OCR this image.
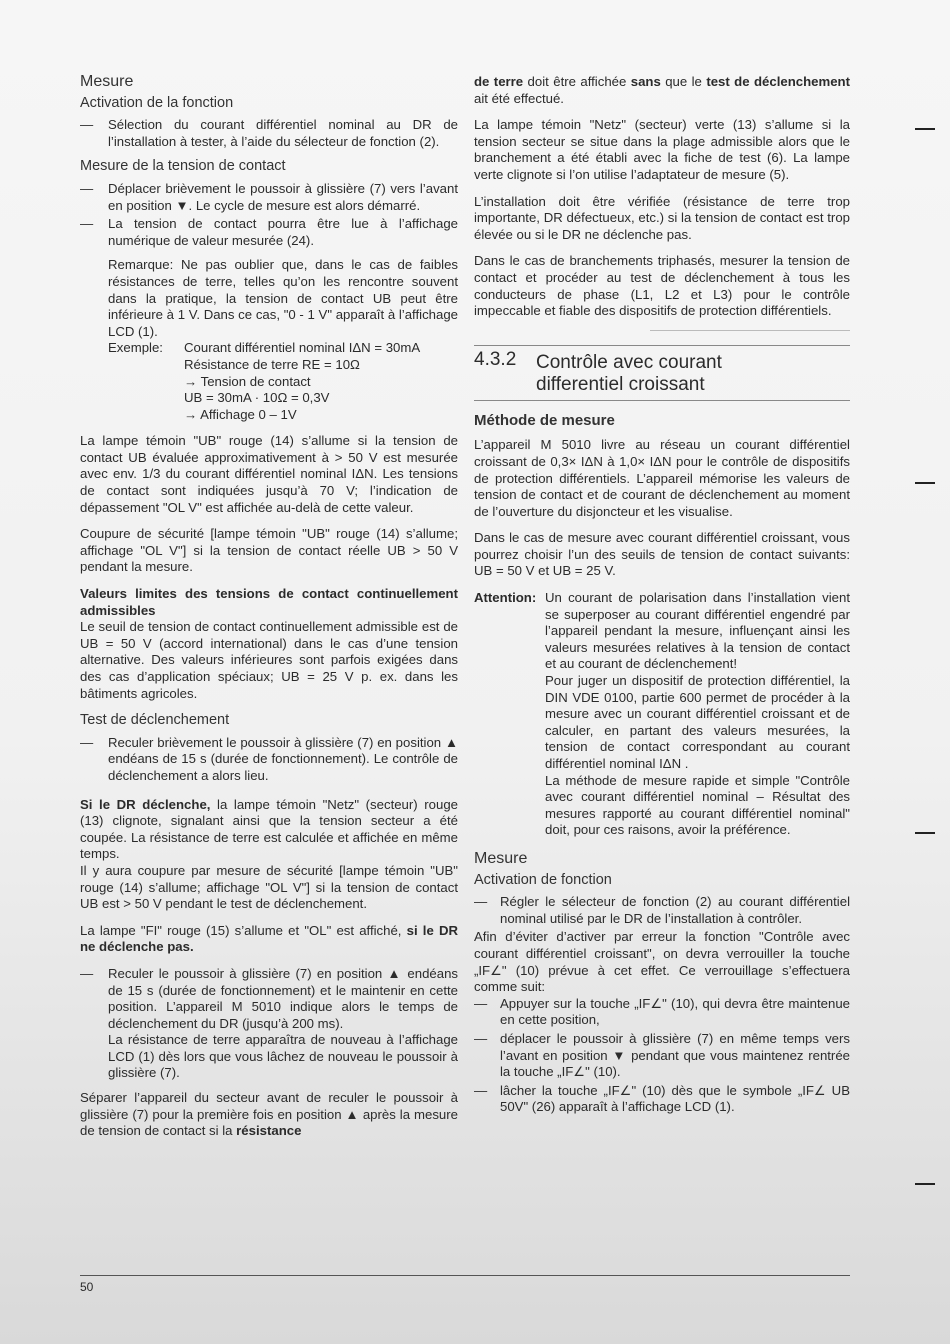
Mesure
Activation de la fonction
— Sélection du courant différentiel nominal au DR de l’installation à tester, à l’aide du sélecteur de fonction (2).
Mesure de la tension de contact
— Déplacer brièvement le poussoir à glissière (7) vers l’avant en position ▼. Le cycle de mesure est alors démarré.
— La tension de contact pourra être lue à l’affichage numérique de valeur mesurée (24).

Remarque: Ne pas oublier que, dans le cas de faibles résistances de terre, telles qu’on les rencontre souvent dans la pratique, la tension de contact UB peut être inférieure à 1 V. Dans ce cas, "0 - 1 V" apparaît à l’affichage LCD (1).

Exemple:	Courant différentiel nominal IΔN = 30mA
Résistance de terre RE = 10Ω
→ Tension de contact
UB = 30mA · 10Ω = 0,3V
→ Affichage 0 – 1V

La lampe témoin "UB" rouge (14) s’allume si la tension de contact UB évaluée approximativement à > 50 V est mesurée avec env. 1/3 du courant différentiel nominal IΔN. Les tensions de contact sont indiquées jusqu’à 70 V; l’indication de dépassement "OL V" est affichée au-delà de cette valeur.

Coupure de sécurité [lampe témoin "UB" rouge (14) s’allume; affichage "OL V"] si la tension de contact réelle UB > 50 V pendant la mesure.

Valeurs limites des tensions de contact continuellement admissibles

Le seuil de tension de contact continuellement admissible est de UB = 50 V (accord international) dans le cas d’une tension alternative. Des valeurs inférieures sont parfois exigées dans des cas d’application spéciaux; UB = 25 V p. ex. dans les bâtiments agricoles.

Test de déclenchement
— Reculer brièvement le poussoir à glissière (7) en position ▲ endéans de 15 s (durée de fonctionnement). Le contrôle de déclenchement a alors lieu.

Si le DR déclenche, la lampe témoin "Netz" (secteur) rouge (13) clignote, signalant ainsi que la tension secteur a été coupée. La résistance de terre est calculée et affichée en même temps.

Il y aura coupure par mesure de sécurité [lampe témoin "UB" rouge (14) s’allume; affichage "OL V"] si la tension de contact UB est > 50 V pendant le test de déclenchement.

La lampe "FI" rouge (15) s’allume et "OL" est affiché, si le DR ne déclenche pas.

— Reculer le poussoir à glissière (7) en position ▲ endéans de 15 s (durée de fonctionnement) et le maintenir en cette position. L’appareil M 5010 indique alors le temps de déclenchement du DR (jusqu’à 200 ms).
La résistance de terre apparaîtra de nouveau à l’affichage LCD (1) dès lors que vous lâchez de nouveau le poussoir à glissière (7).

Séparer l’appareil du secteur avant de reculer le poussoir à glissière (7) pour la première fois en position ▲ après la mesure de tension de contact si la résistance

de terre doit être affichée sans que le test de déclenchement ait été effectué.

La lampe témoin "Netz" (secteur) verte (13) s’allume si la tension secteur se situe dans la plage admissible alors que le branchement a été établi avec la fiche de test (6). La lampe verte clignote si l’on utilise l’adaptateur de mesure (5).

L’installation doit être vérifiée (résistance de terre trop importante, DR défectueux, etc.) si la tension de contact est trop élevée ou si le DR ne déclenche pas.

Dans le cas de branchements triphasés, mesurer la tension de contact et procéder au test de déclenchement à tous les conducteurs de phase (L1, L2 et L3) pour le contrôle impeccable et fiable des dispositifs de protection différentiels.

4.3.2	Contrôle avec courant
differentiel croissant
Méthode de mesure

L’appareil M 5010 livre au réseau un courant différentiel croissant de 0,3× IΔN à 1,0× IΔN pour le contrôle de dispositifs de protection différentiels. L’appareil mémorise les valeurs de tension de contact et de courant de déclenchement au moment de l’ouverture du disjoncteur et les visualise.

Dans le cas de mesure avec courant différentiel croissant, vous pourrez choisir l’un des seuils de tension de contact suivants: UB = 50 V et UB = 25 V.

Attention: Un courant de polarisation dans l’installation vient se superposer au courant différentiel engendré par l’appareil pendant la mesure, influençant ainsi les valeurs mesurées relatives à la tension de contact et au courant de déclenchement!

Pour juger un dispositif de protection différentiel, la DIN VDE 0100, partie 600 permet de procéder à la mesure avec un courant différentiel croissant et de calculer, en partant des valeurs mesurées, la tension de contact correspondant au courant différentiel nominal IΔN .

La méthode de mesure rapide et simple "Contrôle avec courant différentiel nominal – Résultat des mesures rapporté au courant différentiel nominal" doit, pour ces raisons, avoir la préférence.

Mesure
Activation de fonction
— Régler le sélecteur de fonction (2) au courant différentiel nominal utilisé par le DR de l’installation à contrôler.

Afin d’éviter d’activer par erreur la fonction "Contrôle avec courant différentiel croissant", on devra verrouiller la touche „IF∠" (10) prévue à cet effet. Ce verrouillage s’effectuera comme suit:

— Appuyer sur la touche „IF∠" (10), qui devra être maintenue en cette position,
— déplacer le poussoir à glissière (7) en même temps vers l’avant en position ▼ pendant que vous maintenez rentrée la touche „IF∠" (10).
— lâcher la touche „IF∠" (10) dès que le symbole „IF∠ UB 50V" (26) apparaît à l’affichage LCD (1).
50
